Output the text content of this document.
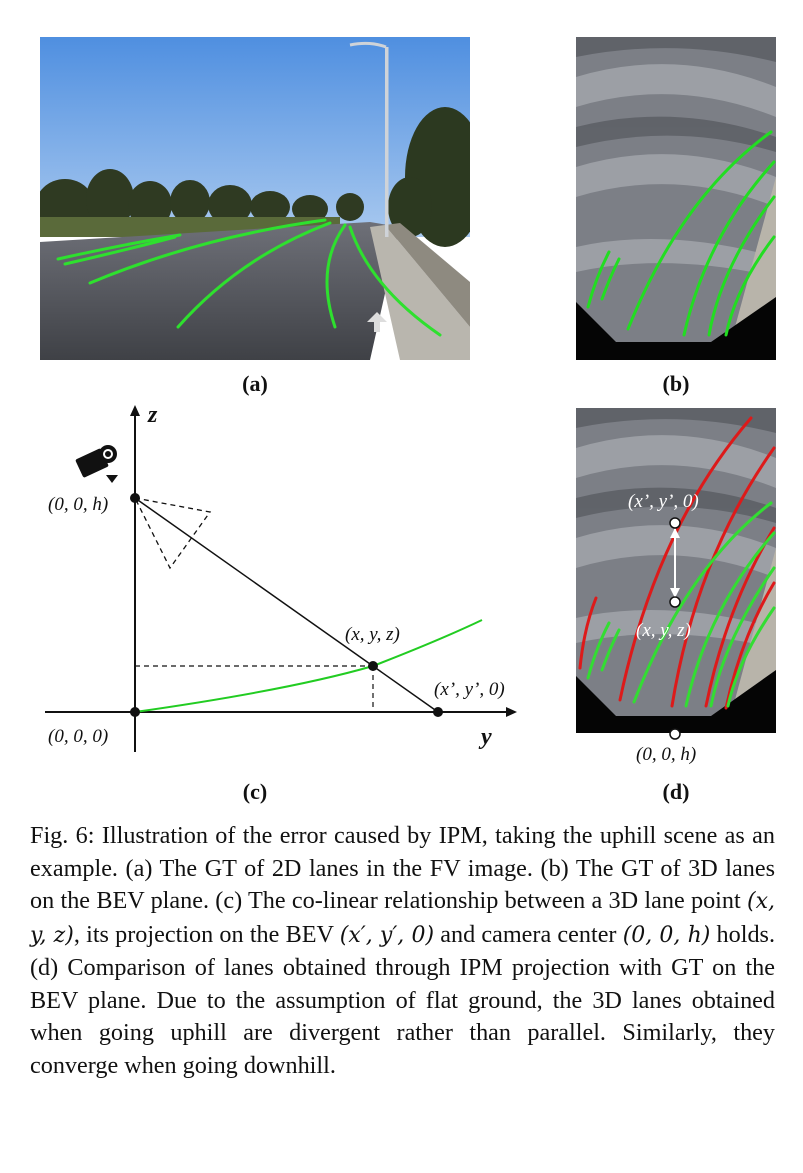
(a)	(b)
z
y
(0, 0, h)
(0, 0, 0)
(x, y, z)
(x’, y’, 0)
(c)
(x’, y’, 0)
(x, y, z)
(0, 0, h)
(d)
Fig. 6: Illustration of the error caused by IPM, taking the uphill scene as an example. (a) The GT of 2D lanes in the FV image. (b) The GT of 3D lanes on the BEV plane. (c) The co-linear relationship between a 3D lane point (x, y, z), its projection on the BEV (x′, y′, 0) and camera center (0, 0, h) holds. (d) Comparison of lanes obtained through IPM projection with GT on the BEV plane. Due to the assumption of flat ground, the 3D lanes obtained when going uphill are divergent rather than parallel. Similarly, they converge when going downhill.
